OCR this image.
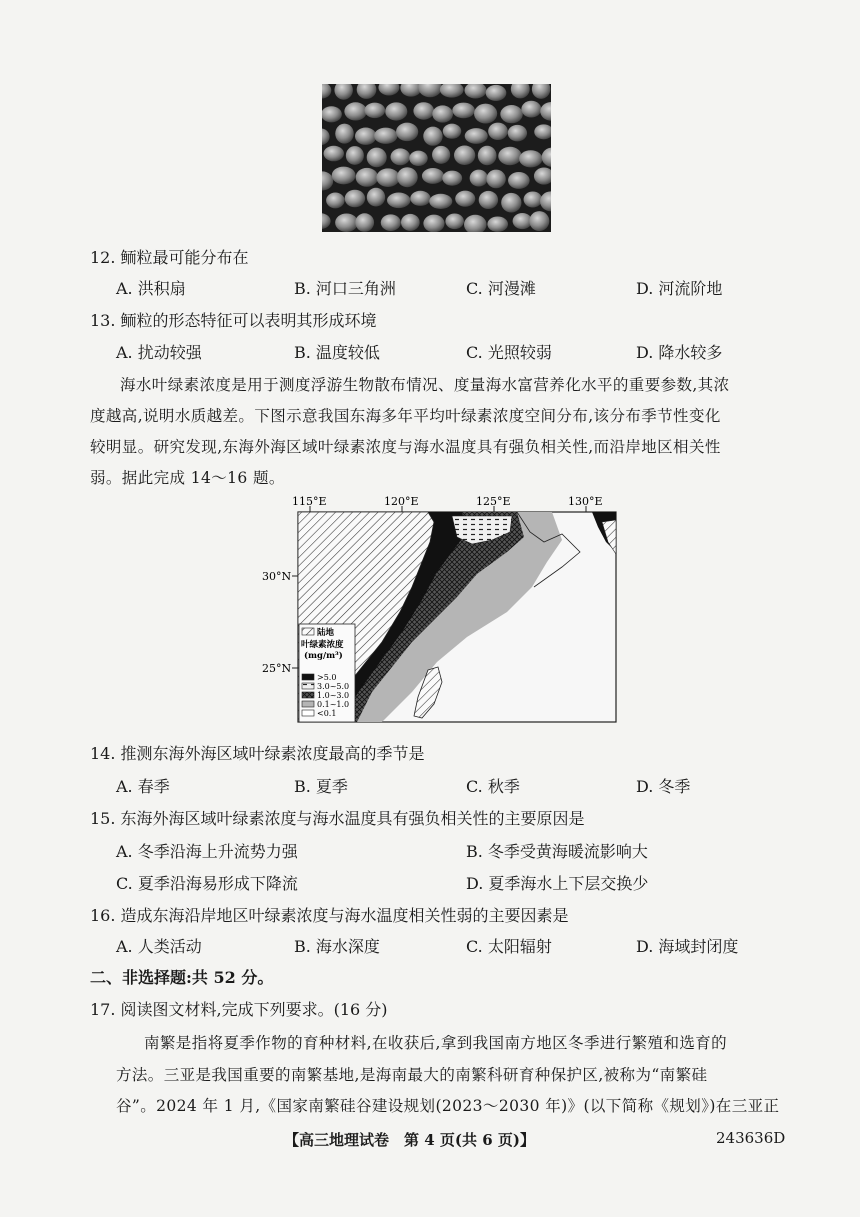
12. 鲕粒最可能分布在
A. 洪积扇	B. 河口三角洲	C. 河漫滩	D. 河流阶地
13. 鲕粒的形态特征可以表明其形成环境
A. 扰动较强	B. 温度较低	C. 光照较弱	D. 降水较多
海水叶绿素浓度是用于测度浮游生物散布情况、度量海水富营养化水平的重要参数,其浓
度越高,说明水质越差。下图示意我国东海多年平均叶绿素浓度空间分布,该分布季节性变化
较明显。研究发现,东海外海区域叶绿素浓度与海水温度具有强负相关性,而沿岸地区相关性
弱。据此完成 14～16 题。
115°E	120°E	125°E	130°E
30°N
25°N
陆地
叶绿素浓度
(mg/m³)
>5.0
3.0~5.0
1.0~3.0
0.1~1.0
<0.1
14. 推测东海外海区域叶绿素浓度最高的季节是
A. 春季	B. 夏季	C. 秋季	D. 冬季
15. 东海外海区域叶绿素浓度与海水温度具有强负相关性的主要原因是
A. 冬季沿海上升流势力强	B. 冬季受黄海暖流影响大
C. 夏季沿海易形成下降流	D. 夏季海水上下层交换少
16. 造成东海沿岸地区叶绿素浓度与海水温度相关性弱的主要因素是
A. 人类活动	B. 海水深度	C. 太阳辐射	D. 海域封闭度
二、非选择题:共 52 分。
17. 阅读图文材料,完成下列要求。(16 分)
南繁是指将夏季作物的育种材料,在收获后,拿到我国南方地区冬季进行繁殖和选育的
方法。三亚是我国重要的南繁基地,是海南最大的南繁科研育种保护区,被称为“南繁硅
谷”。2024 年 1 月,《国家南繁硅谷建设规划(2023～2030 年)》(以下简称《规划》)在三亚正
【高三地理试卷　第 4 页(共 6 页)】	243636D
